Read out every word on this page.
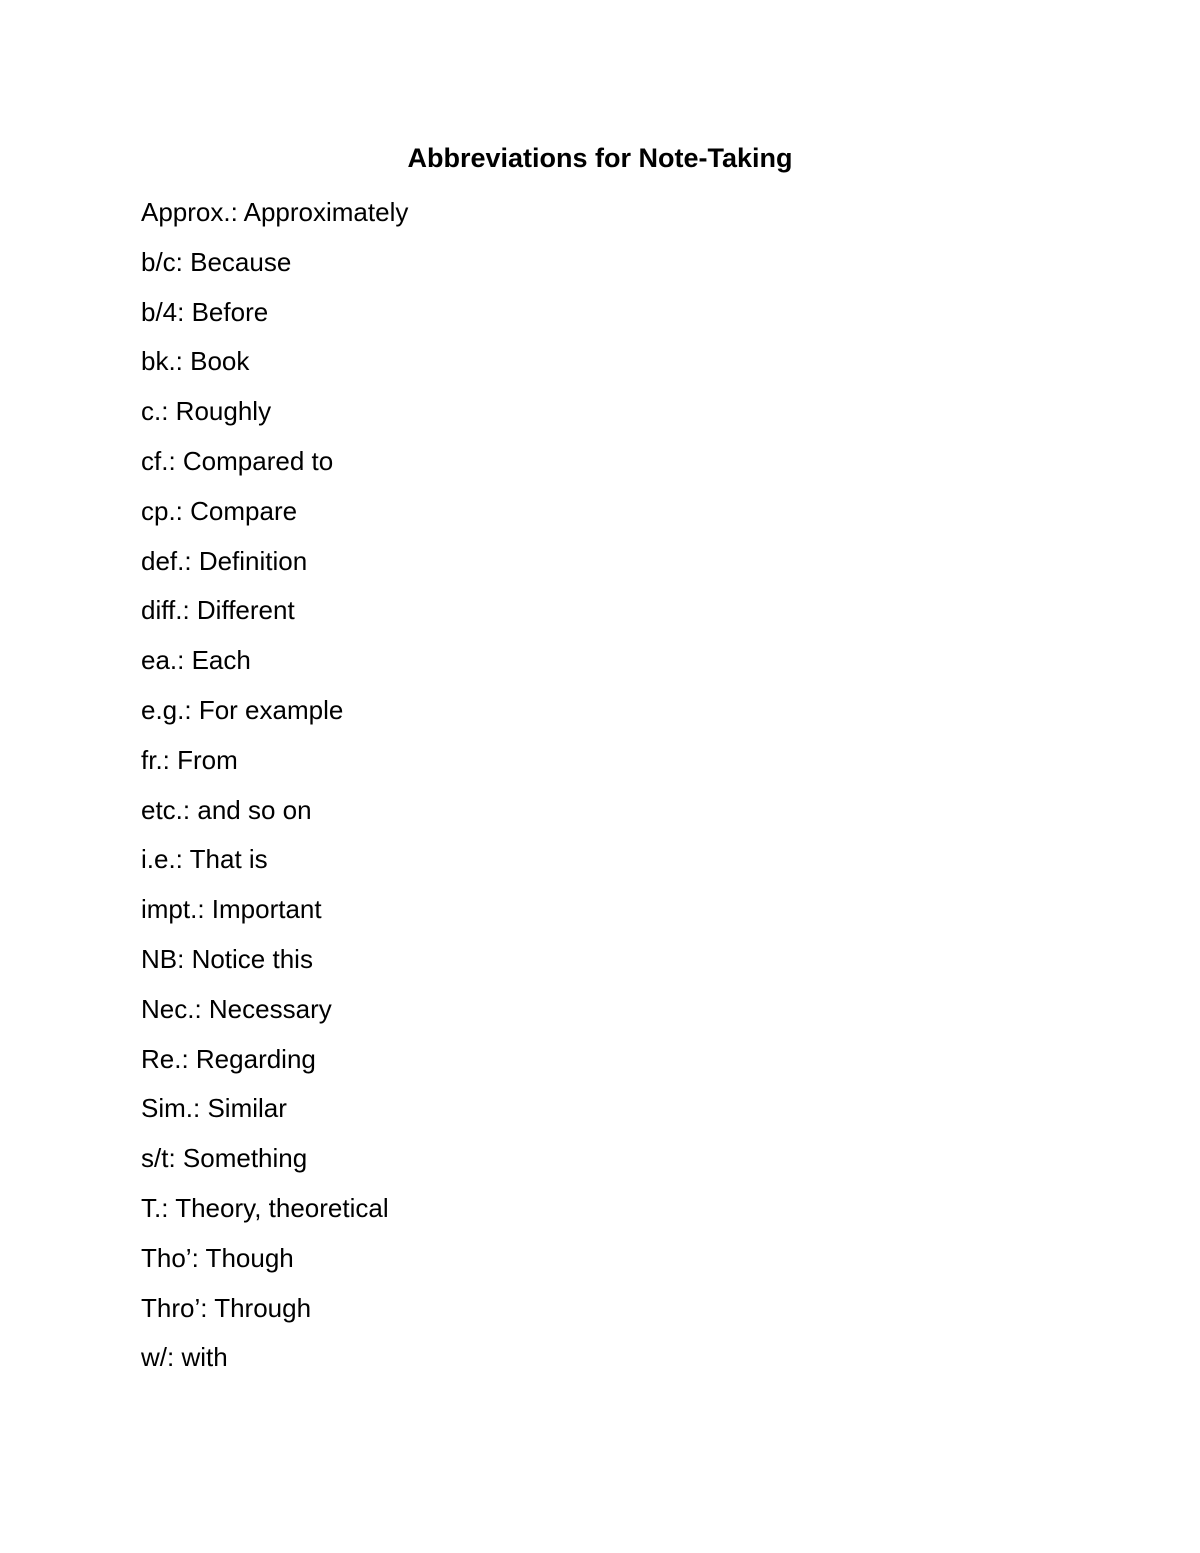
Abbreviations for Note-Taking
Approx.: Approximately
b/c: Because
b/4: Before
bk.: Book
c.: Roughly
cf.: Compared to
cp.: Compare
def.: Definition
diff.: Different
ea.: Each
e.g.: For example
fr.: From
etc.: and so on
i.e.: That is
impt.: Important
NB: Notice this
Nec.: Necessary
Re.: Regarding
Sim.: Similar
s/t: Something
T.: Theory, theoretical
Tho’: Though
Thro’: Through
w/: with
